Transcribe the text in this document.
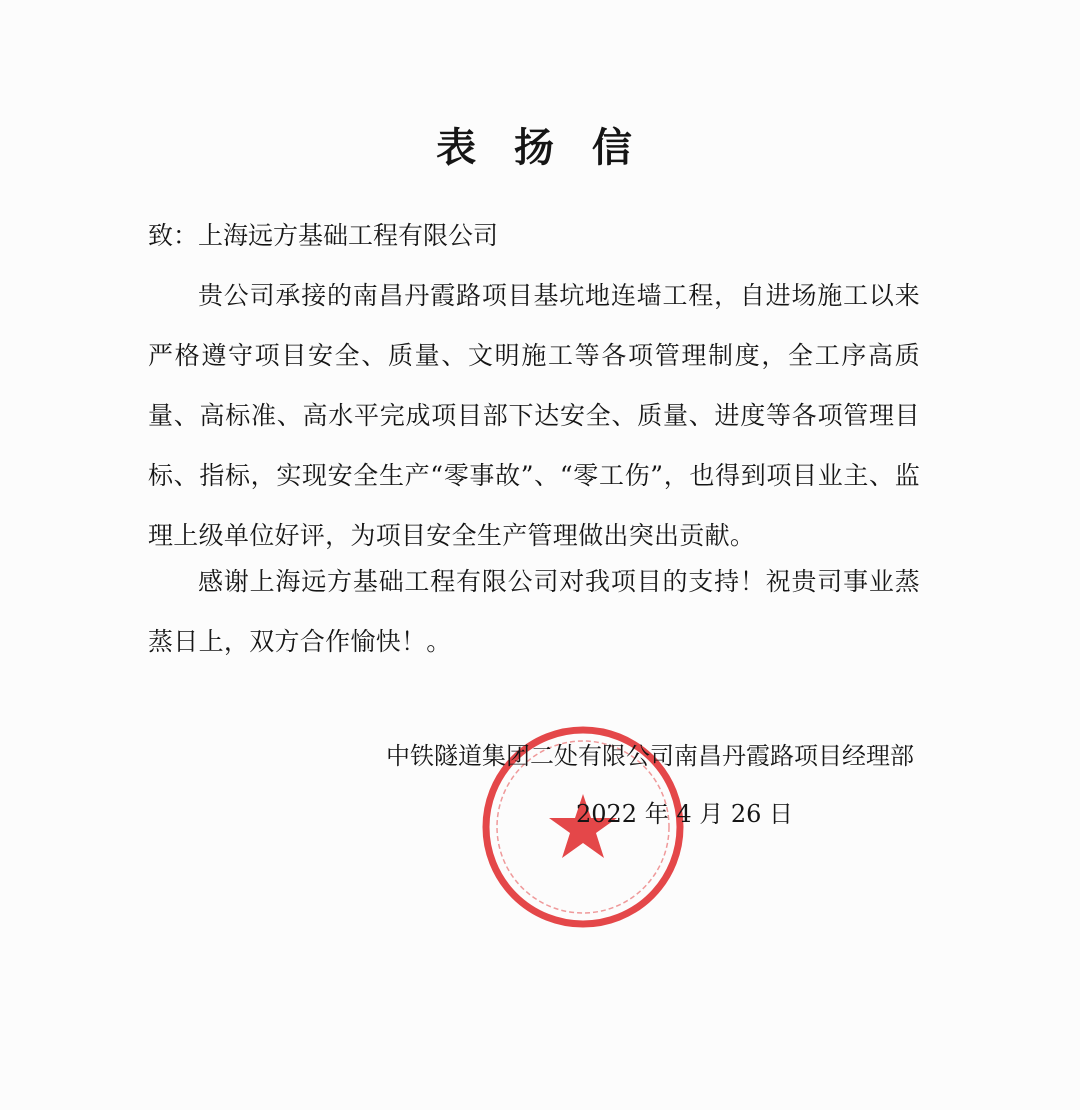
表 扬 信
致：上海远方基础工程有限公司
贵公司承接的南昌丹霞路项目基坑地连墙工程，自进场施工以来严格遵守项目安全、质量、文明施工等各项管理制度，全工序高质量、高标准、高水平完成项目部下达安全、质量、进度等各项管理目标、指标，实现安全生产“零事故”、“零工伤”，也得到项目业主、监理上级单位好评，为项目安全生产管理做出突出贡献。
感谢上海远方基础工程有限公司对我项目的支持！祝贵司事业蒸蒸日上，双方合作愉快！。
中铁隧道集团二处有限公司南昌丹霞路项目经理部
2022 年 4 月 26 日
